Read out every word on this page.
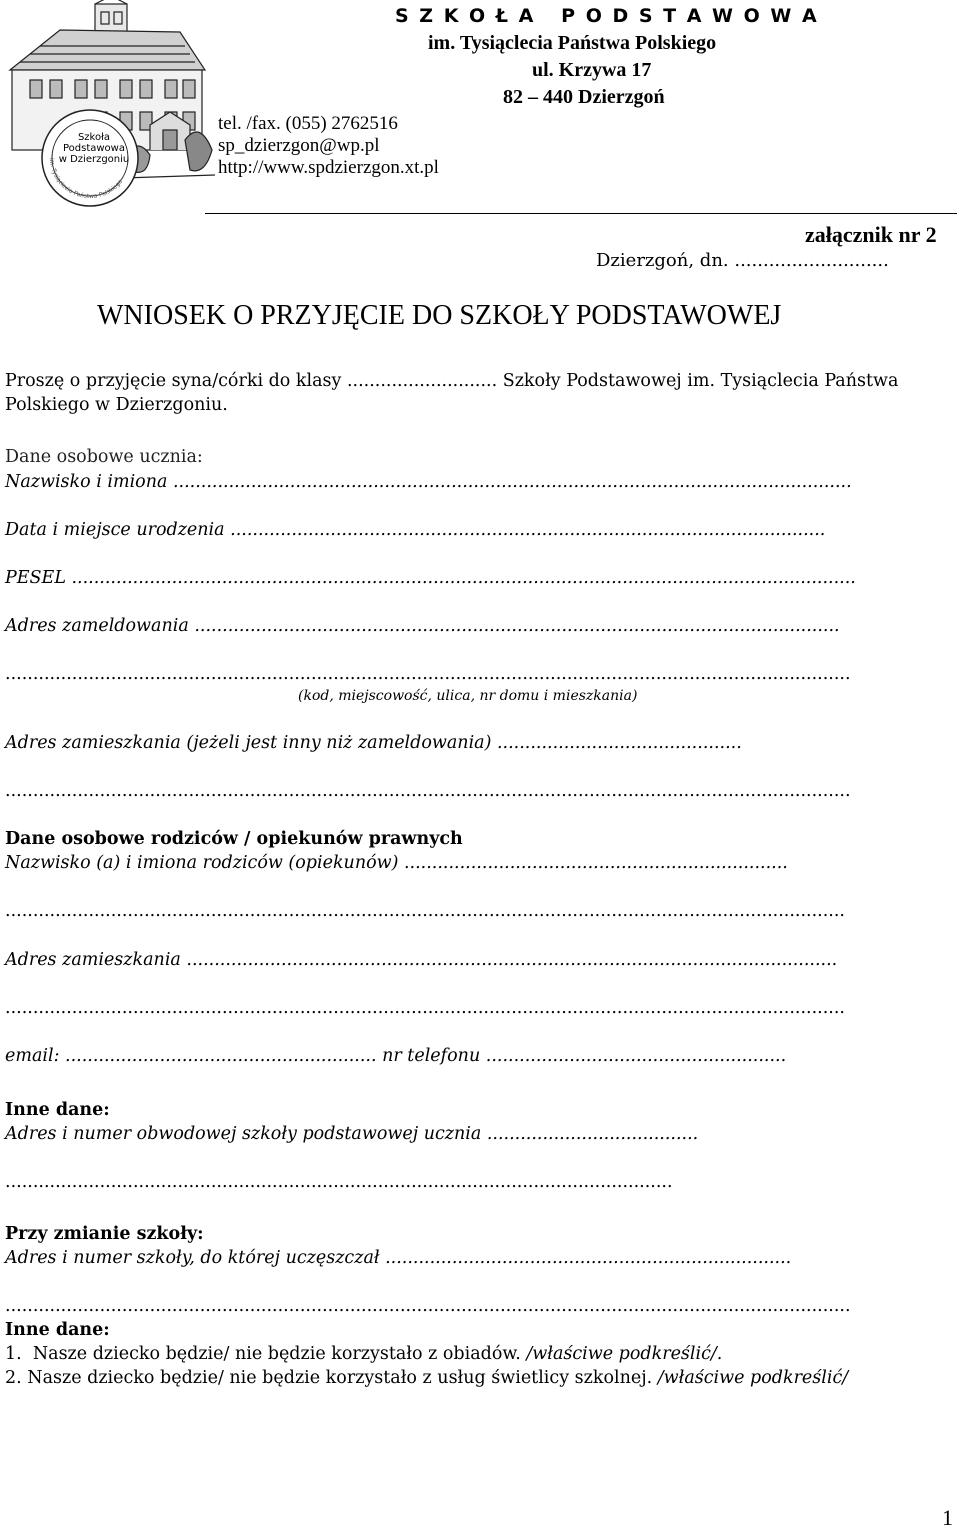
im. Tysiąclecia Państwa Polskiego
Szkoła
Podstawowa
w Dzierzgoniu
S Z K O Ł A   P O D S T A W O W A
im. Tysiąclecia Państwa Polskiego
ul. Krzywa 17
82 – 440 Dzierzgoń
tel. /fax. (055) 2762516
sp_dzierzgon@wp.pl
http://www.spdzierzgon.xt.pl
załącznik nr 2
Dzierzgoń, dn. ...........................
WNIOSEK O PRZYJĘCIE DO SZKOŁY PODSTAWOWEJ
Proszę o przyjęcie syna/córki do klasy ........................... Szkoły Podstawowej im. Tysiąclecia Państwa
Polskiego w Dzierzgoniu.
Dane osobowe ucznia:
Nazwisko i imiona ..........................................................................................................................
Data i miejsce urodzenia ...........................................................................................................
PESEL .............................................................................................................................................
Adres zameldowania ....................................................................................................................
........................................................................................................................................................
(kod, miejscowość, ulica, nr domu i mieszkania)
Adres zamieszkania (jeżeli jest inny niż zameldowania) ............................................
........................................................................................................................................................
Dane osobowe rodziców / opiekunów prawnych
Nazwisko (a) i imiona rodziców (opiekunów) .....................................................................
.......................................................................................................................................................
Adres zamieszkania .....................................................................................................................
.......................................................................................................................................................
email: ........................................................ nr telefonu ......................................................
Inne dane:
Adres i numer obwodowej szkoły podstawowej ucznia ......................................
........................................................................................................................
Przy zmianie szkoły:
Adres i numer szkoły, do której uczęszczał .........................................................................
........................................................................................................................................................
Inne dane:
1.  Nasze dziecko będzie/ nie będzie korzystało z obiadów. /właściwe podkreślić/.
2. Nasze dziecko będzie/ nie będzie korzystało z usług świetlicy szkolnej. /właściwe podkreślić/
1
